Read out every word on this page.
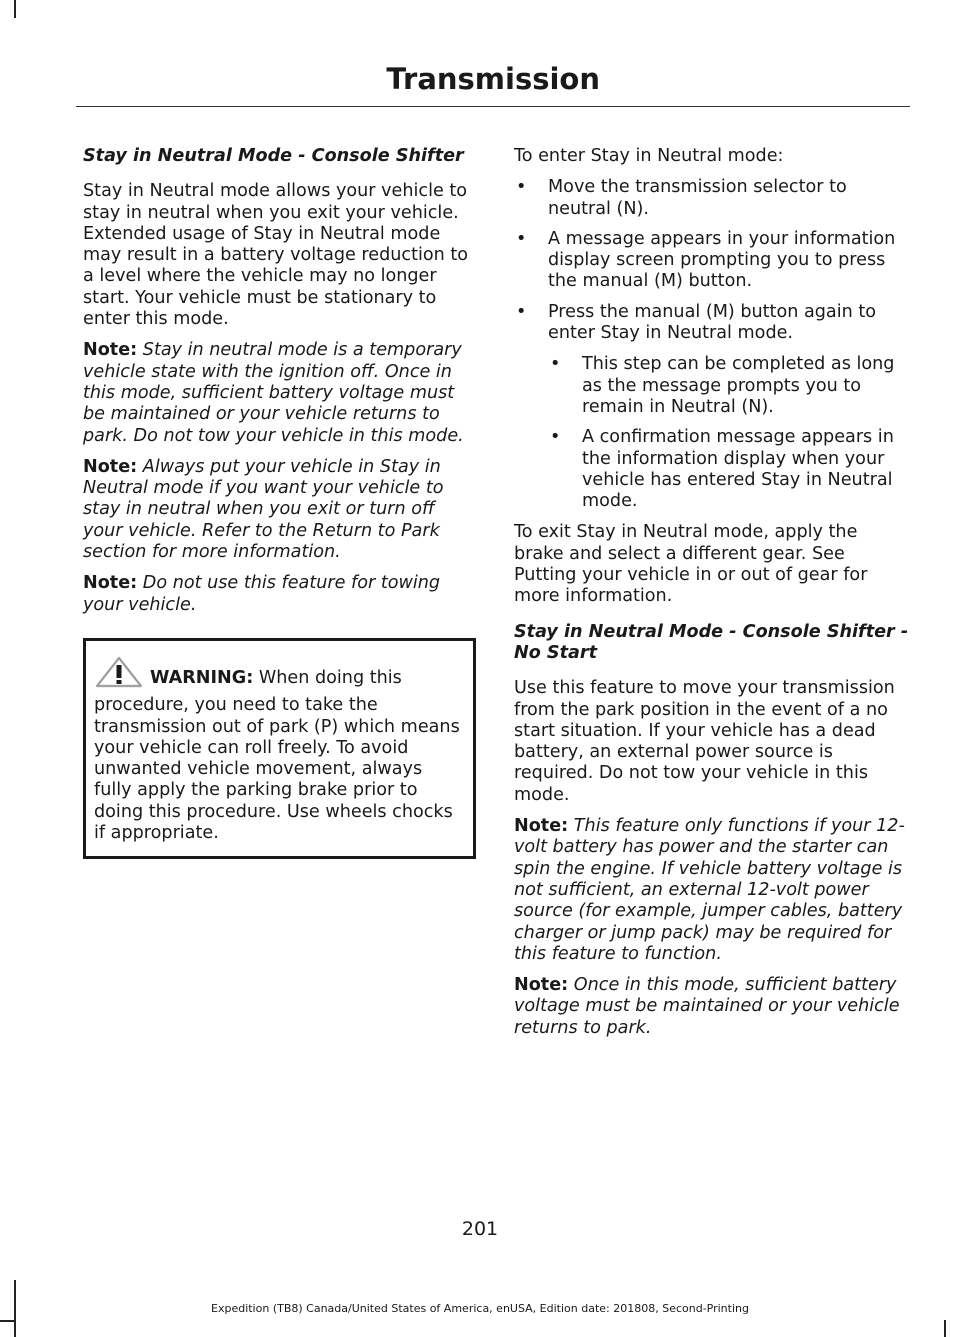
Transmission
Stay in Neutral Mode - Console Shifter

Stay in Neutral mode allows your vehicle to stay in neutral when you exit your vehicle. Extended usage of Stay in Neutral mode may result in a battery voltage reduction to a level where the vehicle may no longer start. Your vehicle must be stationary to enter this mode.

Note: Stay in neutral mode is a temporary vehicle state with the ignition off. Once in this mode, sufficient battery voltage must be maintained or your vehicle returns to park. Do not tow your vehicle in this mode.

Note: Always put your vehicle in Stay in Neutral mode if you want your vehicle to stay in neutral when you exit or turn off your vehicle. Refer to the Return to Park section for more information.

Note: Do not use this feature for towing your vehicle.

WARNING: When doing this procedure, you need to take the transmission out of park (P) which means your vehicle can roll freely. To avoid unwanted vehicle movement, always fully apply the parking brake prior to doing this procedure. Use wheels chocks if appropriate.

To enter Stay in Neutral mode:

• Move the transmission selector to neutral (N).
• A message appears in your information display screen prompting you to press the manual (M) button.
• Press the manual (M) button again to enter Stay in Neutral mode.
• This step can be completed as long as the message prompts you to remain in Neutral (N).
• A confirmation message appears in the information display when your vehicle has entered Stay in Neutral mode.

To exit Stay in Neutral mode, apply the brake and select a different gear. See Putting your vehicle in or out of gear for more information.

Stay in Neutral Mode - Console Shifter - No Start

Use this feature to move your transmission from the park position in the event of a no start situation. If your vehicle has a dead battery, an external power source is required. Do not tow your vehicle in this mode.

Note: This feature only functions if your 12-volt battery has power and the starter can spin the engine. If vehicle battery voltage is not sufficient, an external 12-volt power source (for example, jumper cables, battery charger or jump pack) may be required for this feature to function.

Note: Once in this mode, sufficient battery voltage must be maintained or your vehicle returns to park.

201
Expedition (TB8) Canada/United States of America, enUSA, Edition date: 201808, Second-Printing
